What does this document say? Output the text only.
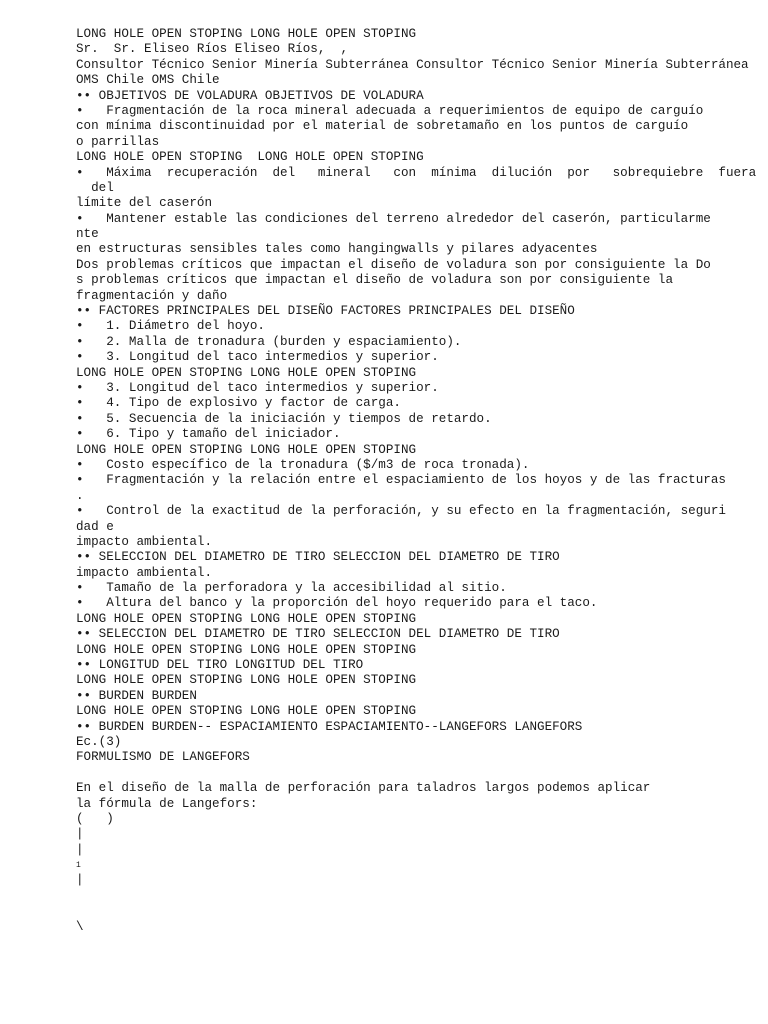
LONG HOLE OPEN STOPING LONG HOLE OPEN STOPING
Sr.  Sr. Eliseo Ríos Eliseo Ríos,  ,
Consultor Técnico Senior Minería Subterránea Consultor Técnico Senior Minería Subterránea
OMS Chile OMS Chile
•• OBJETIVOS DE VOLADURA OBJETIVOS DE VOLADURA
•   Fragmentación de la roca mineral adecuada a requerimientos de equipo de carguío
con mínima discontinuidad por el material de sobretamaño en los puntos de carguío
o parrillas
LONG HOLE OPEN STOPING  LONG HOLE OPEN STOPING
•   Máxima  recuperación  del   mineral   con  mínima  dilución  por   sobrequiebre  fuera
del
límite del caserón
•   Mantener estable las condiciones del terreno alrededor del caserón, particularme
nte
en estructuras sensibles tales como hangingwalls y pilares adyacentes
Dos problemas críticos que impactan el diseño de voladura son por consiguiente la Do
s problemas críticos que impactan el diseño de voladura son por consiguiente la
fragmentación y daño
•• FACTORES PRINCIPALES DEL DISEÑO FACTORES PRINCIPALES DEL DISEÑO
•   1. Diámetro del hoyo.
•   2. Malla de tronadura (burden y espaciamiento).
•   3. Longitud del taco intermedios y superior.
LONG HOLE OPEN STOPING LONG HOLE OPEN STOPING
•   3. Longitud del taco intermedios y superior.
•   4. Tipo de explosivo y factor de carga.
•   5. Secuencia de la iniciación y tiempos de retardo.
•   6. Tipo y tamaño del iniciador.
LONG HOLE OPEN STOPING LONG HOLE OPEN STOPING
•   Costo específico de la tronadura ($/m3 de roca tronada).
•   Fragmentación y la relación entre el espaciamiento de los hoyos y de las fracturas
.
•   Control de la exactitud de la perforación, y su efecto en la fragmentación, seguri
dad e
impacto ambiental.
•• SELECCION DEL DIAMETRO DE TIRO SELECCION DEL DIAMETRO DE TIRO
impacto ambiental.
•   Tamaño de la perforadora y la accesibilidad al sitio.
•   Altura del banco y la proporción del hoyo requerido para el taco.
LONG HOLE OPEN STOPING LONG HOLE OPEN STOPING
•• SELECCION DEL DIAMETRO DE TIRO SELECCION DEL DIAMETRO DE TIRO
LONG HOLE OPEN STOPING LONG HOLE OPEN STOPING
•• LONGITUD DEL TIRO LONGITUD DEL TIRO
LONG HOLE OPEN STOPING LONG HOLE OPEN STOPING
•• BURDEN BURDEN
LONG HOLE OPEN STOPING LONG HOLE OPEN STOPING
•• BURDEN BURDEN-- ESPACIAMIENTO ESPACIAMIENTO--LANGEFORS LANGEFORS
Ec.(3)
FORMULISMO DE LANGEFORS
En el diseño de la malla de perforación para taladros largos podemos aplicar
la fórmula de Langefors:
(   )
|
|
1
|
\
